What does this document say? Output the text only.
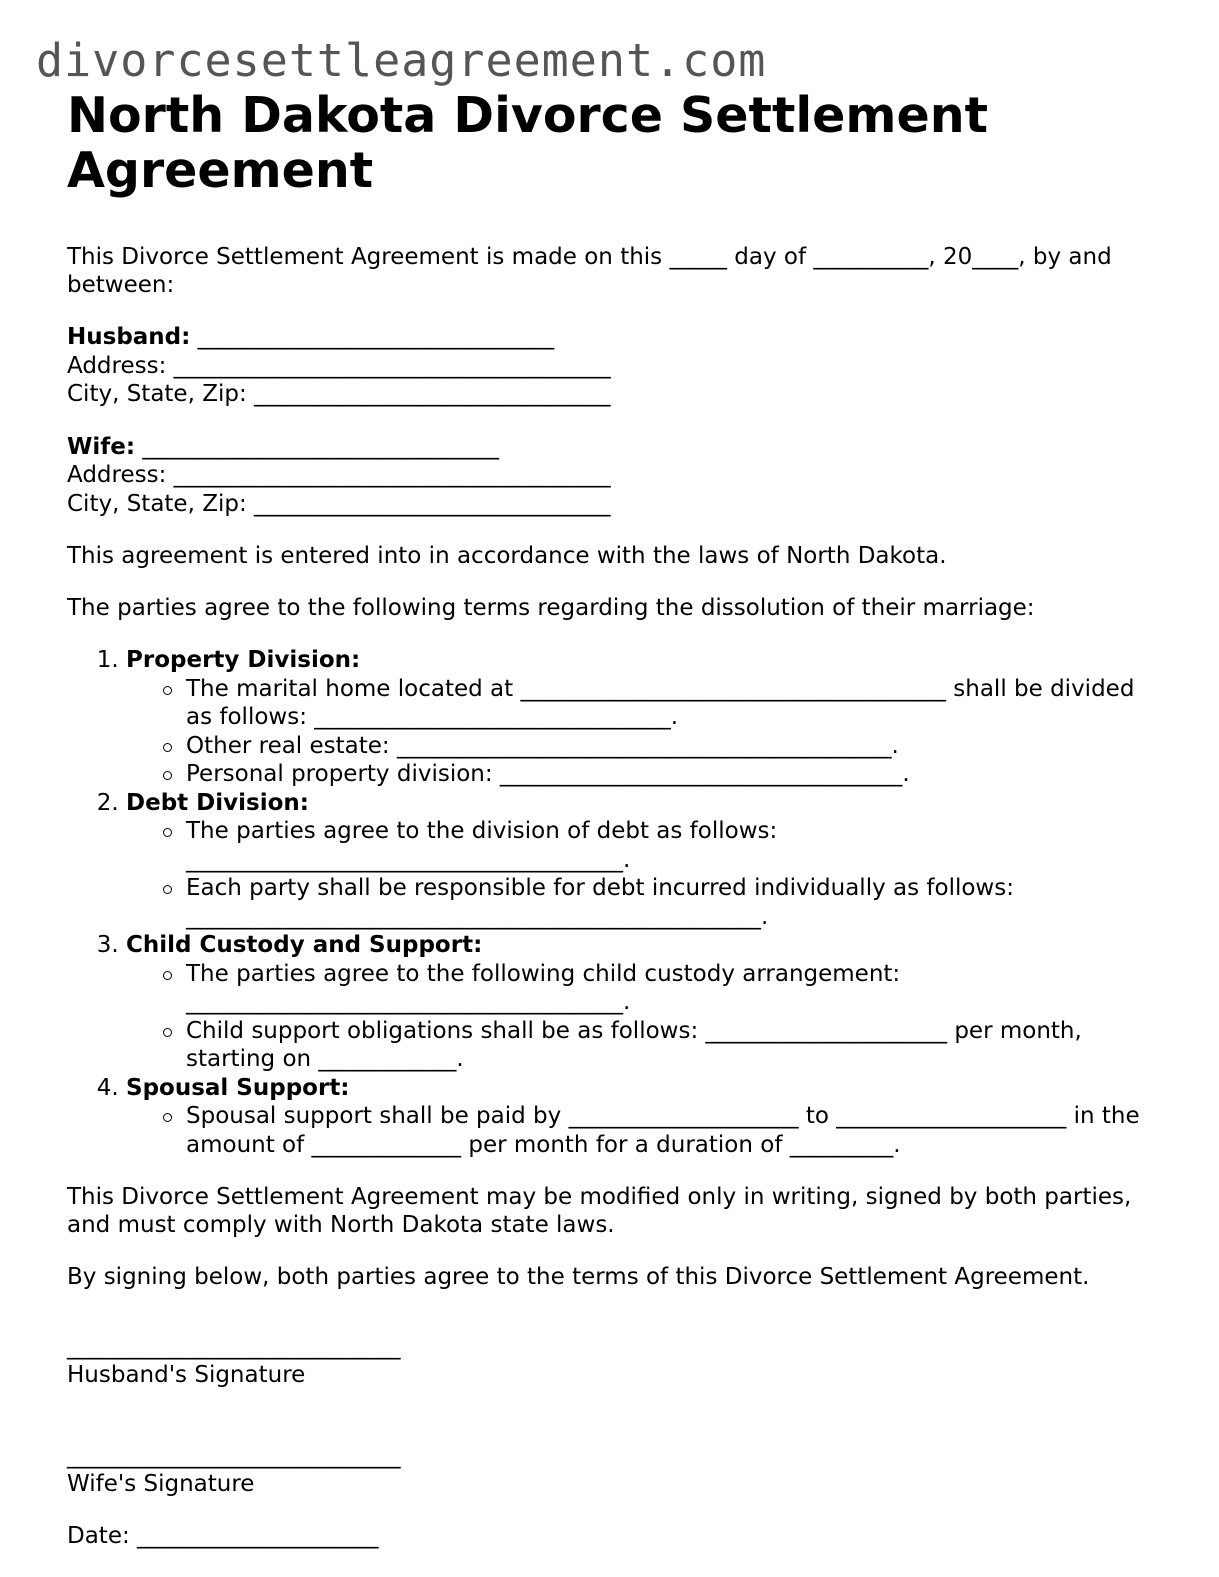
divorcesettleagreement.com
North Dakota Divorce Settlement Agreement

This Divorce Settlement Agreement is made on this _____ day of __________, 20____, by and between:

Husband: _______________________________
Address: ______________________________________
City, State, Zip: _______________________________
Wife: _______________________________
Address: ______________________________________
City, State, Zip: _______________________________

This agreement is entered into in accordance with the laws of North Dakota.

The parties agree to the following terms regarding the dissolution of their marriage:

1. Property Division:
The marital home located at _____________________________________ shall be divided as follows: _______________________________.
Other real estate: ___________________________________________.
Personal property division: ___________________________________.
2. Debt Division:
The parties agree to the division of debt as follows: ______________________________________.
Each party shall be responsible for debt incurred individually as follows: __________________________________________________.
3. Child Custody and Support:
The parties agree to the following child custody arrangement: ______________________________________.
Child support obligations shall be as follows: _____________________ per month, starting on ____________.
4. Spousal Support:
Spousal support shall be paid by ____________________ to ____________________ in the amount of _____________ per month for a duration of _________.

This Divorce Settlement Agreement may be modified only in writing, signed by both parties, and must comply with North Dakota state laws.

By signing below, both parties agree to the terms of this Divorce Settlement Agreement.

_____________________________

Husband's Signature

_____________________________

Wife's Signature

Date: _____________________
